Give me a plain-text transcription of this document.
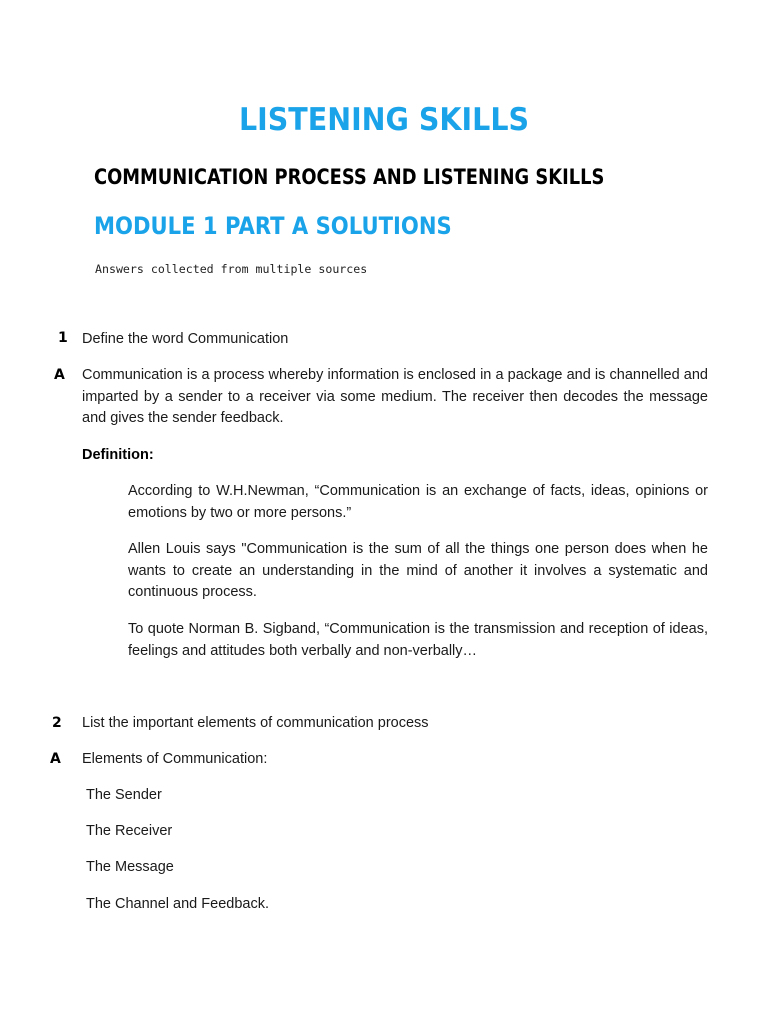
LISTENING SKILLS
COMMUNICATION PROCESS AND LISTENING SKILLS
MODULE 1 PART A SOLUTIONS
Answers collected from multiple sources
1 Define the word Communication
A Communication is a process whereby information is enclosed in a package and is channelled and imparted by a sender to a receiver via some medium. The receiver then decodes the message and gives the sender feedback.
Definition:
According to W.H.Newman, “Communication is an exchange of facts, ideas, opinions or emotions by two or more persons.”
Allen Louis says "Communication is the sum of all the things one person does when he wants to create an understanding in the mind of another it involves a systematic and continuous process.
To quote Norman B. Sigband, “Communication is the transmission and reception of ideas, feelings and attitudes both verbally and non-verbally…
2 List the important elements of communication process
A Elements of Communication:
The Sender
The Receiver
The Message
The Channel and Feedback.
